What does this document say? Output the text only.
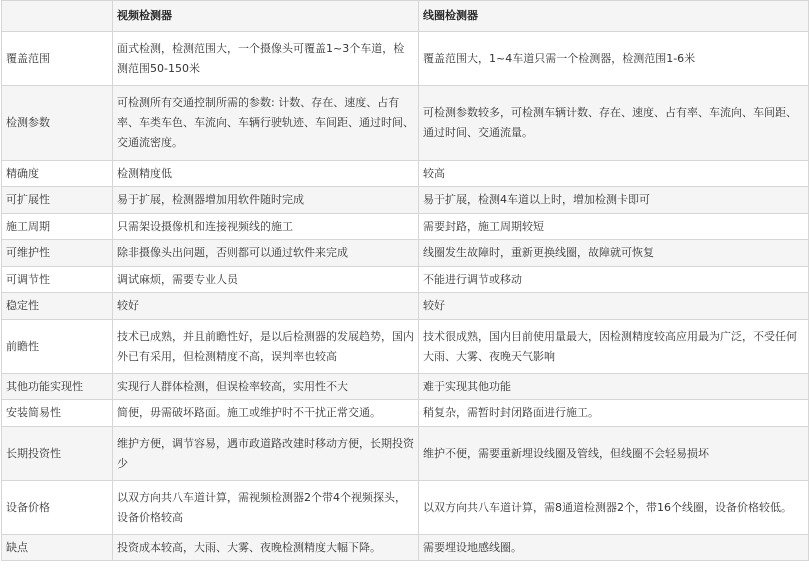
	视频检测器	线圈检测器
覆盖范围	面式检测，检测范围大，一个摄像头可覆盖1~3个车道，检测范围50-150米	覆盖范围大，1~4车道只需一个检测器，检测范围1-6米
检测参数	可检测所有交通控制所需的参数: 计数、存在、速度、占有率、车类车色、车流向、车辆行驶轨迹、车间距、通过时间、交通流密度。	可检测参数较多，可检测车辆计数、存在、速度、占有率、车流向、车间距、通过时间、交通流量。
精确度	检测精度低	较高
可扩展性	易于扩展，检测器增加用软件随时完成	易于扩展，检测4车道以上时，增加检测卡即可
施工周期	只需架设摄像机和连接视频线的施工	需要封路，施工周期较短
可维护性	除非摄像头出问题，否则都可以通过软件来完成	线圈发生故障时，重新更换线圈，故障就可恢复
可调节性	调试麻烦，需要专业人员	不能进行调节或移动
稳定性	较好	较好
前瞻性	技术已成熟，并且前瞻性好，是以后检测器的发展趋势，国内外已有采用，但检测精度不高，误判率也较高	技术很成熟，国内目前使用量最大，因检测精度较高应用最为广泛，不受任何大雨、大雾、夜晚天气影响
其他功能实现性	实现行人群体检测，但误检率较高，实用性不大	难于实现其他功能
安装简易性	简便，毋需破坏路面。施工或维护时不干扰正常交通。	稍复杂，需暂时封闭路面进行施工。
长期投资性	维护方便，调节容易，遇市政道路改建时移动方便，长期投资少	维护不便，需要重新埋设线圈及管线，但线圈不会轻易损坏
设备价格	以双方向共八车道计算，需视频检测器2个带4个视频探头，设备价格较高	以双方向共八车道计算，需8通道检测器2个，带16个线圈，设备价格较低。
缺点	投资成本较高，大雨、大雾、夜晚检测精度大幅下降。	需要埋设地感线圈。
